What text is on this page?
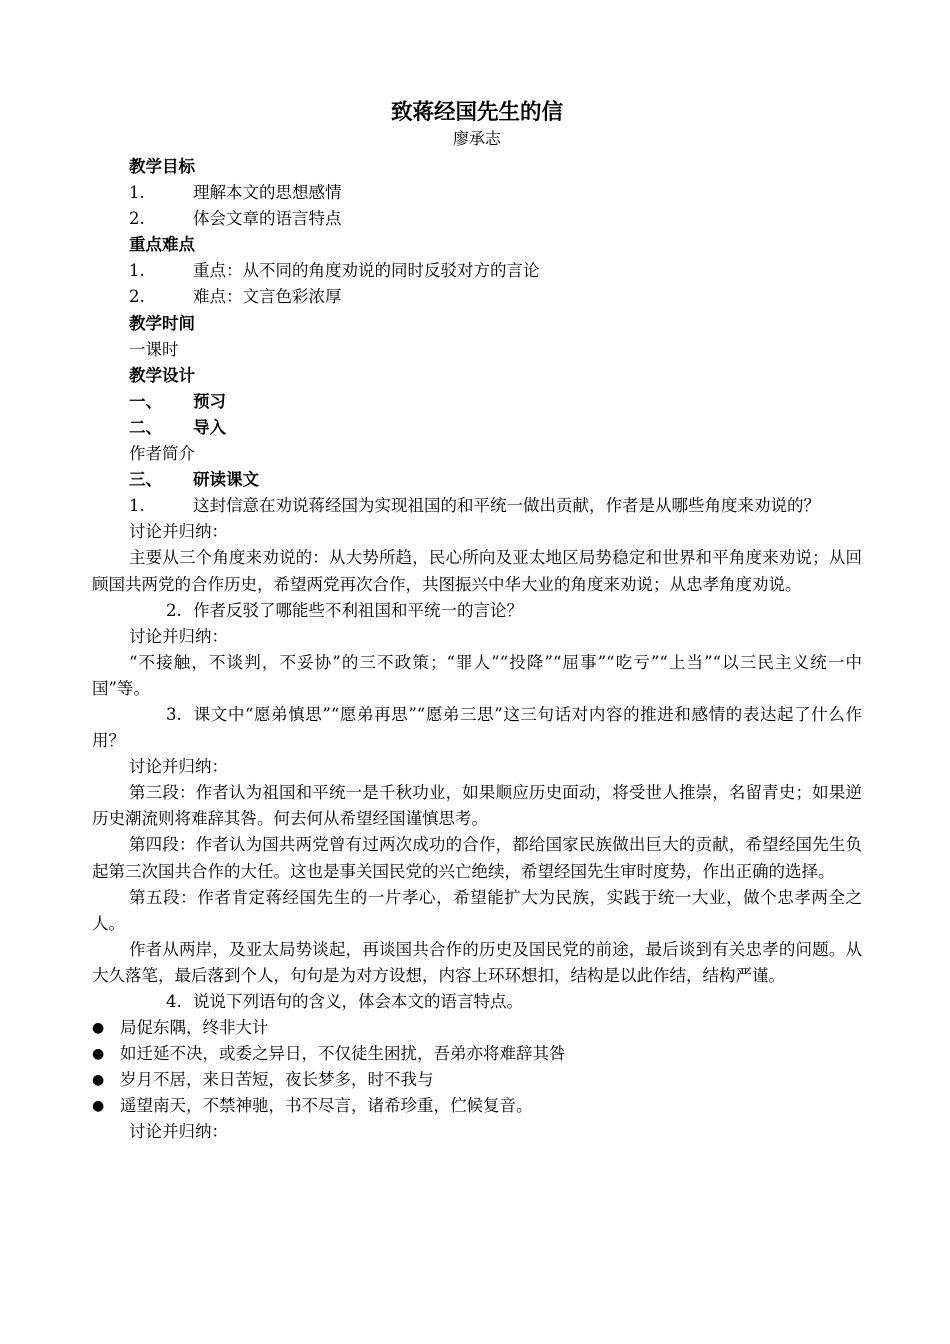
致蒋经国先生的信

廖承志

教学目标
1.	理解本文的思想感情
2.	体会文章的语言特点
重点难点
1.	重点：从不同的角度劝说的同时反驳对方的言论
2.	难点：文言色彩浓厚
教学时间
一课时
教学设计
一、	预习
二、	导入
作者简介
三、	研读课文

1.	这封信意在劝说蒋经国为实现祖国的和平统一做出贡献，作者是从哪些角度来劝说的？

讨论并归纳：

主要从三个角度来劝说的：从大势所趋，民心所向及亚太地区局势稳定和世界和平角度来劝说；从回顾国共两党的合作历史，希望两党再次合作，共图振兴中华大业的角度来劝说；从忠孝角度劝说。

2. 作者反驳了哪能些不利祖国和平统一的言论？

讨论并归纳：

“不接触，不谈判，不妥协”的三不政策；“罪人”“投降”“屈事”“吃亏”“上当”“以三民主义统一中国”等。

3. 课文中“愿弟慎思”“愿弟再思”“愿弟三思”这三句话对内容的推进和感情的表达起了什么作用？

讨论并归纳：

第三段：作者认为祖国和平统一是千秋功业，如果顺应历史面动，将受世人推崇，名留青史；如果逆历史潮流则将难辞其咎。何去何从希望经国谨慎思考。

第四段：作者认为国共两党曾有过两次成功的合作，都给国家民族做出巨大的贡献，希望经国先生负起第三次国共合作的大任。这也是事关国民党的兴亡绝续，希望经国先生审时度势，作出正确的选择。

第五段：作者肯定蒋经国先生的一片孝心，希望能扩大为民族，实践于统一大业，做个忠孝两全之人。

作者从两岸，及亚太局势谈起，再谈国共合作的历史及国民党的前途，最后谈到有关忠孝的问题。从大久落笔，最后落到个人，句句是为对方设想，内容上环环想扣，结构是以此作结，结构严谨。

4. 说说下列语句的含义，体会本文的语言特点。

● 局促东隅，终非大计
● 如迁延不决，或委之异日，不仅徒生困扰，吾弟亦将难辞其咎
● 岁月不居，来日苦短，夜长梦多，时不我与
● 遥望南天，不禁神驰，书不尽言，诸希珍重，伫候复音。
讨论并归纳：
